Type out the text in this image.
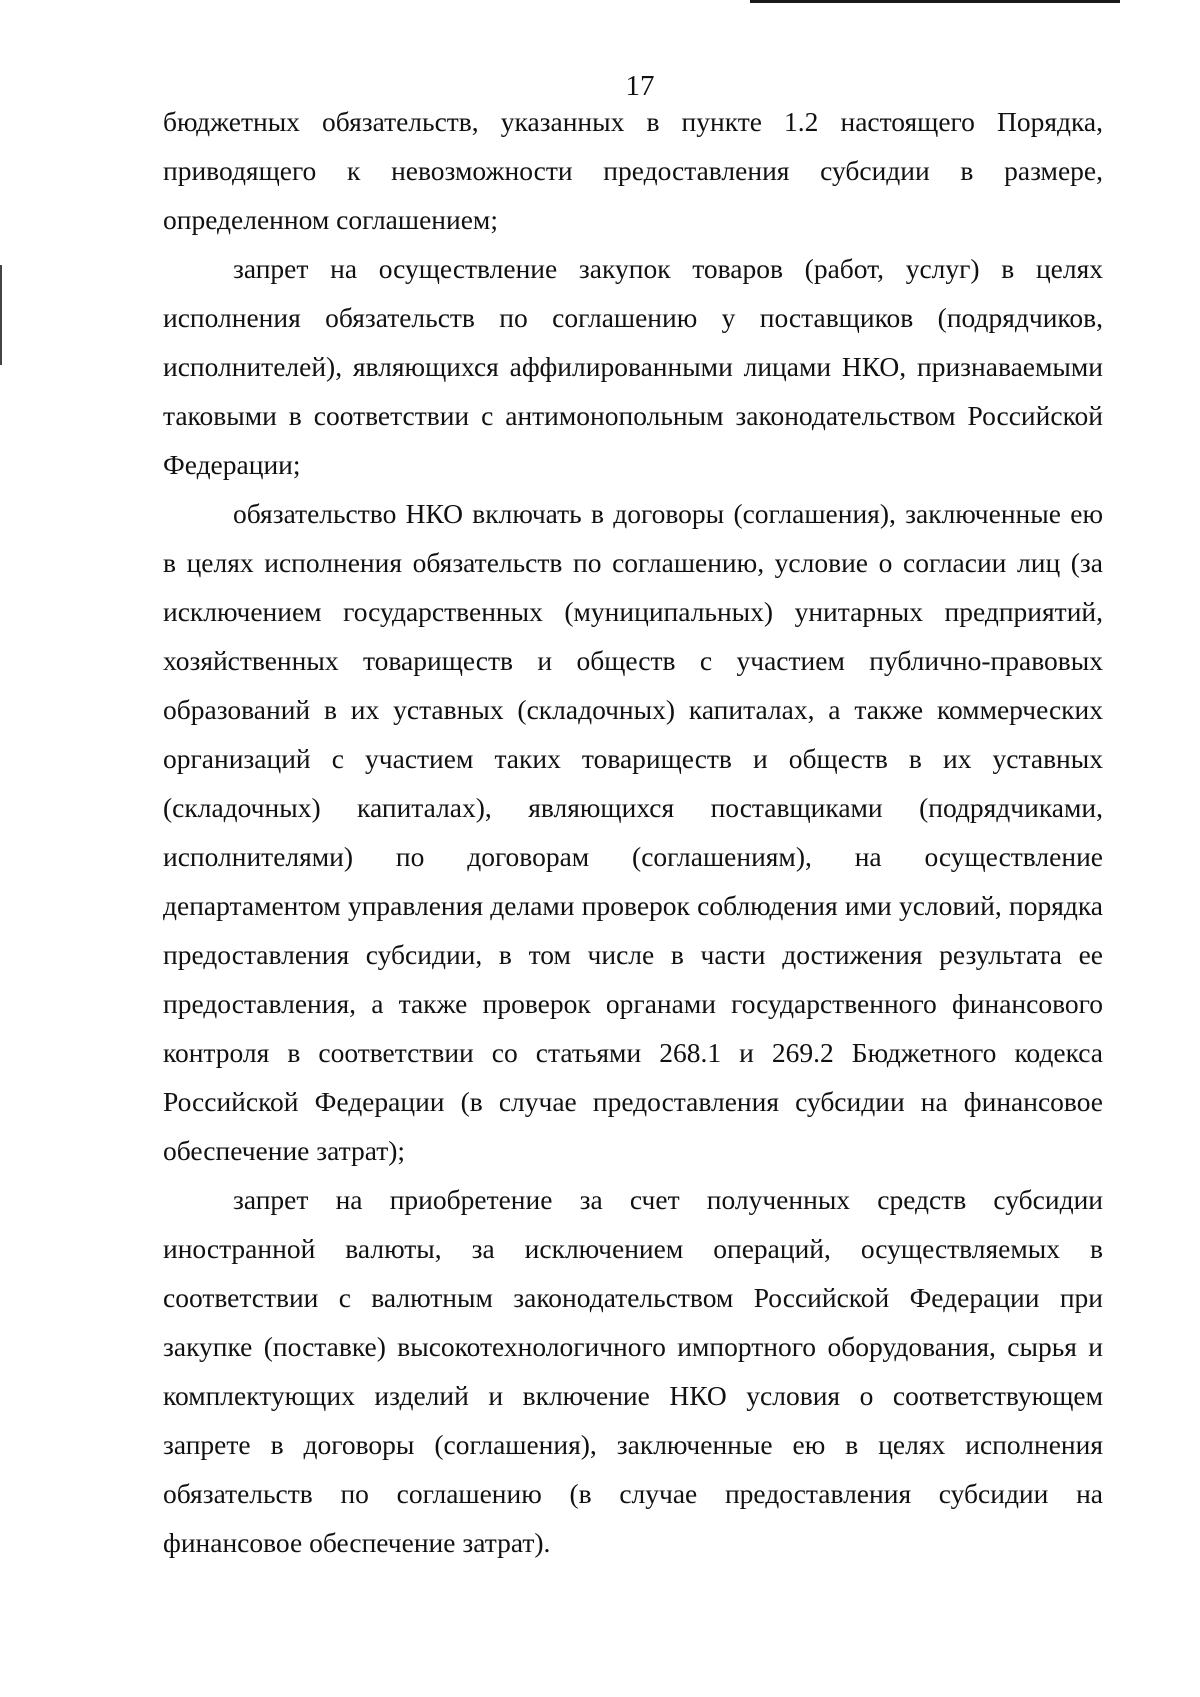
17

бюджетных обязательств, указанных в пункте 1.2 настоящего Порядка, приводящего к невозможности предоставления субсидии в размере, определенном соглашением;

запрет на осуществление закупок товаров (работ, услуг) в целях исполнения обязательств по соглашению у поставщиков (подрядчиков, исполнителей), являющихся аффилированными лицами НКО, признаваемыми таковыми в соответствии с антимонопольным законодательством Российской Федерации;

обязательство НКО включать в договоры (соглашения), заключенные ею в целях исполнения обязательств по соглашению, условие о согласии лиц (за исключением государственных (муниципальных) унитарных предприятий, хозяйственных товариществ и обществ с участием публично-правовых образований в их уставных (складочных) капиталах, а также коммерческих организаций с участием таких товариществ и обществ в их уставных (складочных) капиталах), являющихся поставщиками (подрядчиками, исполнителями) по договорам (соглашениям), на осуществление департаментом управления делами проверок соблюдения ими условий, порядка предоставления субсидии, в том числе в части достижения результата ее предоставления, а также проверок органами государственного финансового контроля в соответствии со статьями 268.1 и 269.2 Бюджетного кодекса Российской Федерации (в случае предоставления субсидии на финансовое обеспечение затрат);

запрет на приобретение за счет полученных средств субсидии иностранной валюты, за исключением операций, осуществляемых в соответствии с валютным законодательством Российской Федерации при закупке (поставке) высокотехнологичного импортного оборудования, сырья и комплектующих изделий и включение НКО условия о соответствующем запрете в договоры (соглашения), заключенные ею в целях исполнения обязательств по соглашению (в случае предоставления субсидии на финансовое обеспечение затрат).
